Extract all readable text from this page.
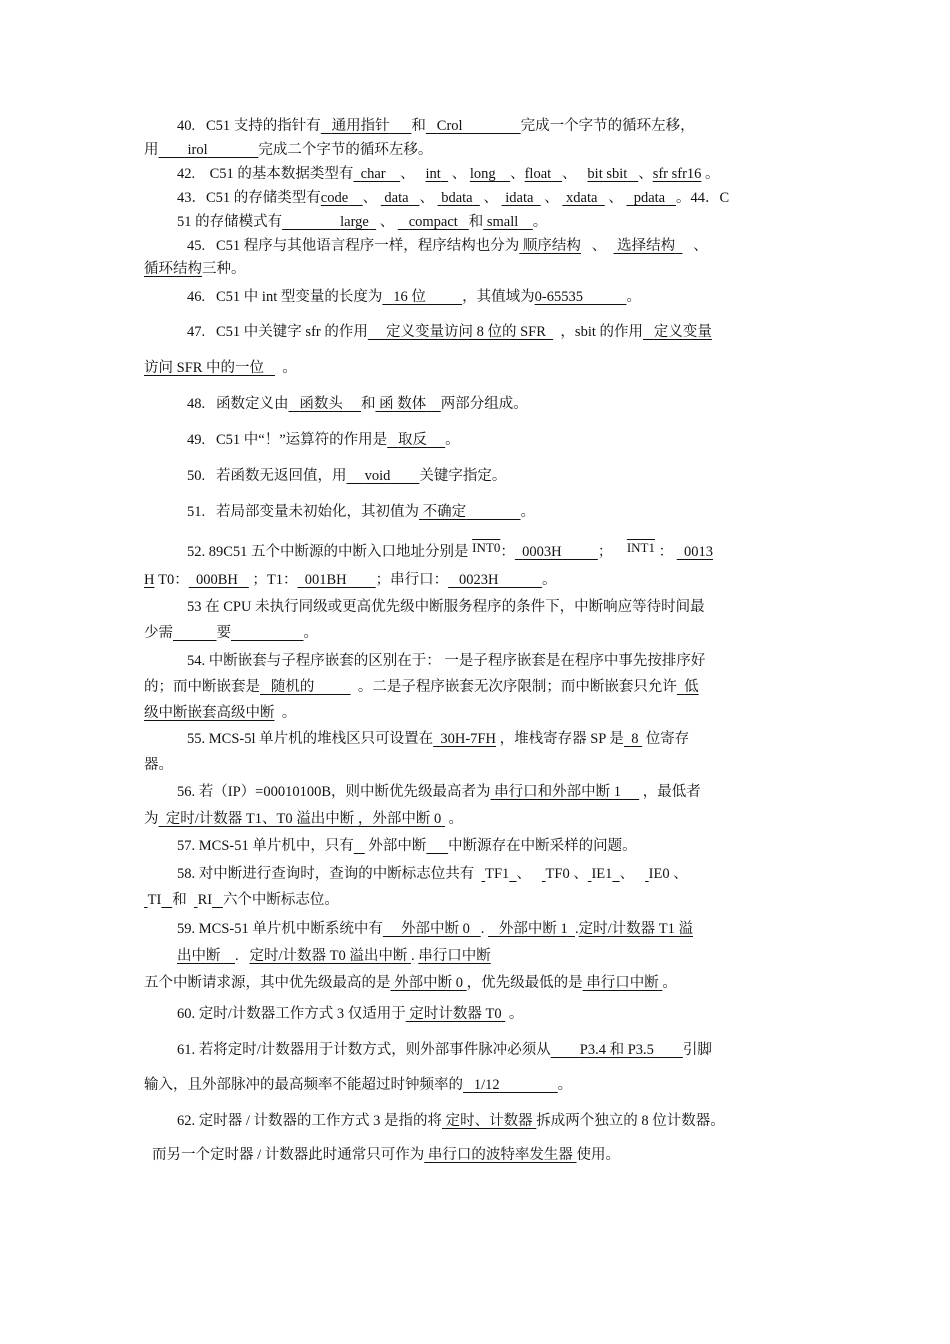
40. C51 支持的指针有 通用指针 和 Crol	完成一个字节的循环左移，
用 irol	完成二个字节的循环左移。
42. C51 的基本数据类型有 char 、 int 、 long 、float 、 bit sbit 、sfr sfr16 。
43．C51 的存储类型有code 、 data 、 bdata 、 idata 、 xdata 、 pdata 。44．C
51 的存储模式有	large 、 compact 和 small 。
45. C51 程序与其他语言程序一样，程序结构也分为 顺序结构 、 选择结构 、
循环结构三种。
46. C51 中 int 型变量的长度为 16 位	，其值域为0-65535	。
47. C51 中关键字 sfr 的作用 定义变量访问 8 位的 SFR ，sbit 的作用 定义变量
访问 SFR 中的一位 。
48. 函数定义由 函数头 和 函 数体 两部分组成。
49. C51 中“！”运算符的作用是 取反 。
50. 若函数无返回值，用 void 关键字指定。
51. 若局部变量未初始化，其初值为 不确定	。
52. 89C51 五个中断源的中断入口地址分别是 INT0： 0003H	； INT1 ： 0013
H T0： 000BH ；T1： 001BH ；串行口： 0023H	。
53 在 CPU 未执行同级或更高优先级中断服务程序的条件下，中断响应等待时间最
少需	要	。
54. 中断嵌套与子程序嵌套的区别在于： 一是子程序嵌套是在程序中事先按排序好
的；而中断嵌套是 随机的	。二是子程序嵌套无次序限制；而中断嵌套只允许 低
级中断嵌套高级中断 。
55. MCS-5l 单片机的堆栈区只可设置在 30H-7FH ，堆栈寄存器 SP 是 8 位寄存
器。
56. 若（IP）=00010100B，则中断优先级最高者为 串行口和外部中断 1 ，最低者
为 定时/计数器 T1、T0 溢出中断 ，外部中断 0 。
57. MCS-51 单片机中，只有 外部中断 中断源存在中断采样的问题。
58. 对中断进行查询时，查询的中断标志位共有 TF1 、 TF0 、 IE1 、 IE0 、
TI 和 RI 六个中断标志位。
59. MCS-51 单片机中断系统中有 外部中断 0 . 外部中断 1 .定时/计数器 T1 溢
出中断 . 定时/计数器 T0 溢出中断 . 串行口中断
五个中断请求源，其中优先级最高的是 外部中断 0 ，优先级最低的是 串行口中断 。
60. 定时/计数器工作方式 3 仅适用于 定时计数器 T0 。
61. 若将定时/计数器用于计数方式，则外部事件脉冲必须从 P3.4 和 P3.5 引脚
输入，且外部脉冲的最高频率不能超过时钟频率的 1/12	。
62. 定时器 / 计数器的工作方式 3 是指的将 定时、计数器 拆成两个独立的 8 位计数器。
而另一个定时器 / 计数器此时通常只可作为 串行口的波特率发生器 使用。
